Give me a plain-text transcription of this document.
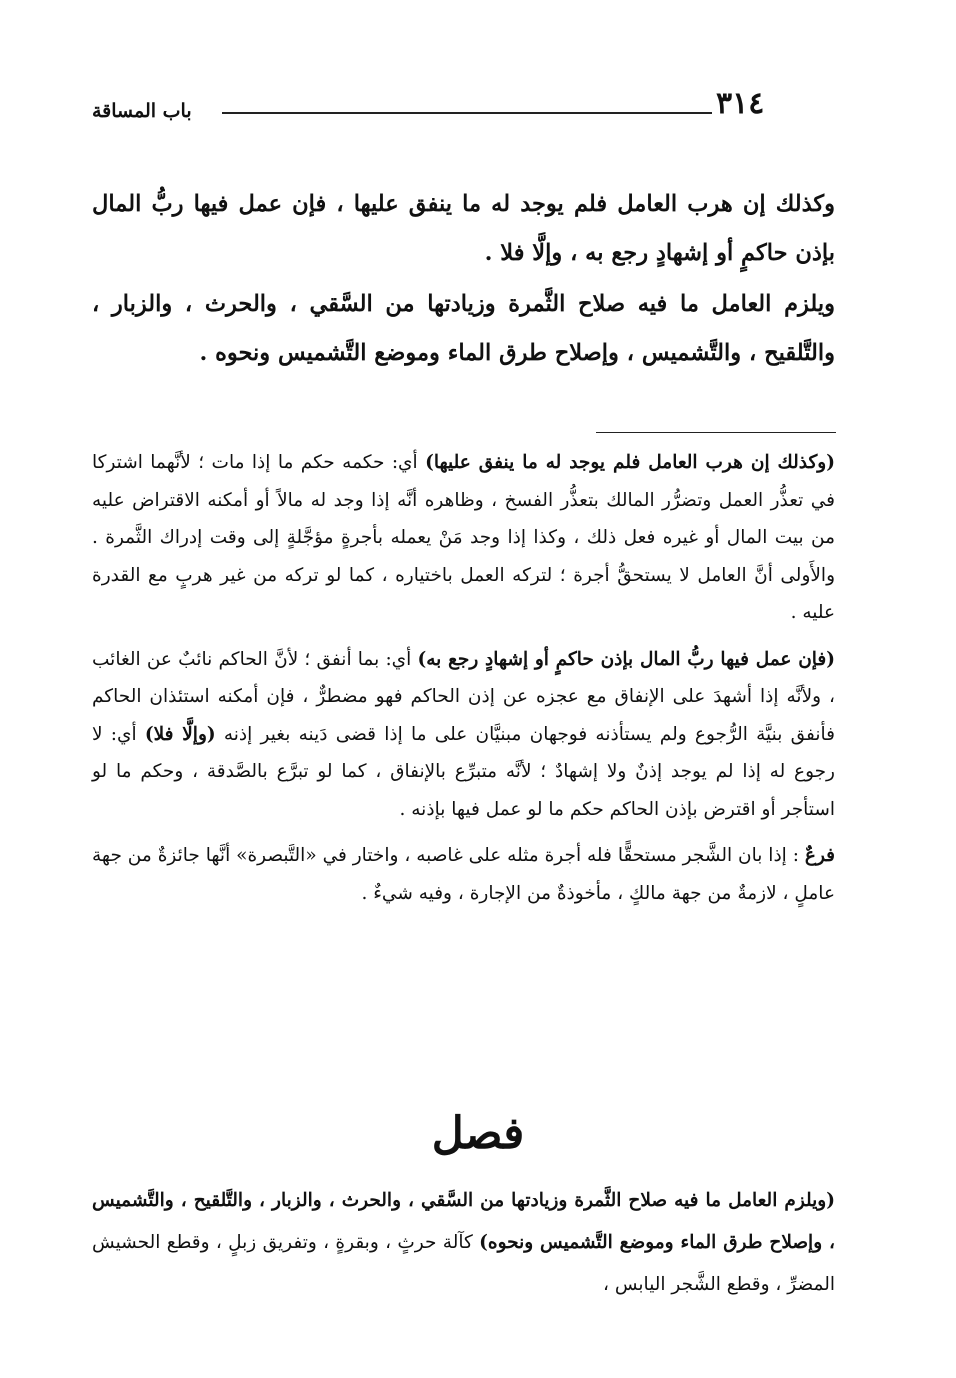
٣١٤
باب المساقة

وكذلك إن هرب العامل فلم يوجد له ما ينفق عليها ، فإن عمل فيها ربُّ المال بإذن حاكمٍ أو إشهادٍ رجع به ، وإلَّا فلا .

ويلزم العامل ما فيه صلاح الثَّمرة وزيادتها من السَّقي ، والحرث ، والزبار ، والتَّلقيح ، والتَّشميس ، وإصلاح طرق الماء وموضع التَّشميس ونحوه .

(وكذلك إن هرب العامل فلم يوجد له ما ينفق عليها) أي: حكمه حكم ما إذا مات ؛ لأنَّهما اشتركا في تعذُّر العمل وتضرُّر المالك بتعذُّر الفسخ ، وظاهره أنَّه إذا وجد له مالاً أو أمكنه الاقتراض عليه من بيت المال أو غيره فعل ذلك ، وكذا إذا وجد مَنْ يعمله بأجرةٍ مؤجَّلةٍ إلى وقت إدراك الثَّمرة . والأَولى أنَّ العامل لا يستحقُّ أجرة ؛ لتركه العمل باختياره ، كما لو تركه من غير هربٍ مع القدرة عليه .

(فإن عمل فيها ربُّ المال بإذن حاكمٍ أو إشهادٍ رجع به) أي: بما أنفق ؛ لأنَّ الحاكم نائبٌ عن الغائب ، ولأنَّه إذا أشهدَ على الإنفاق مع عجزه عن إذن الحاكم فهو مضطرٌّ ، فإن أمكنه استئذان الحاكم فأنفق بنيَّة الرُّجوع ولم يستأذنه فوجهان مبنيَّان على ما إذا قضى دَينه بغير إذنه (وإلَّا فلا) أي: لا رجوع له إذا لم يوجد إذنٌ ولا إشهادٌ ؛ لأنَّه متبرِّع بالإنفاق ، كما لو تبرَّع بالصَّدقة ، وحكم ما لو استأجر أو اقترض بإذن الحاكم حكم ما لو عمل فيها بإذنه .

فرعٌ : إذا بان الشَّجر مستحقًّا فله أجرة مثله على غاصبه ، واختار في «التَّبصرة» أنَّها جائزةٌ من جهة عاملٍ ، لازمةٌ من جهة مالكٍ ، مأخوذةٌ من الإجارة ، وفيه شيءٌ .

فصل

(ويلزم العامل ما فيه صلاح الثَّمرة وزيادتها من السَّقي ، والحرث ، والزبار ، والتَّلقيح ، والتَّشميس ، وإصلاح طرق الماء وموضع التَّشميس ونحوه) كآلة حرثٍ ، وبقرةٍ ، وتفريق زبلٍ ، وقطع الحشيش المضرِّ ، وقطع الشَّجر اليابس ،
